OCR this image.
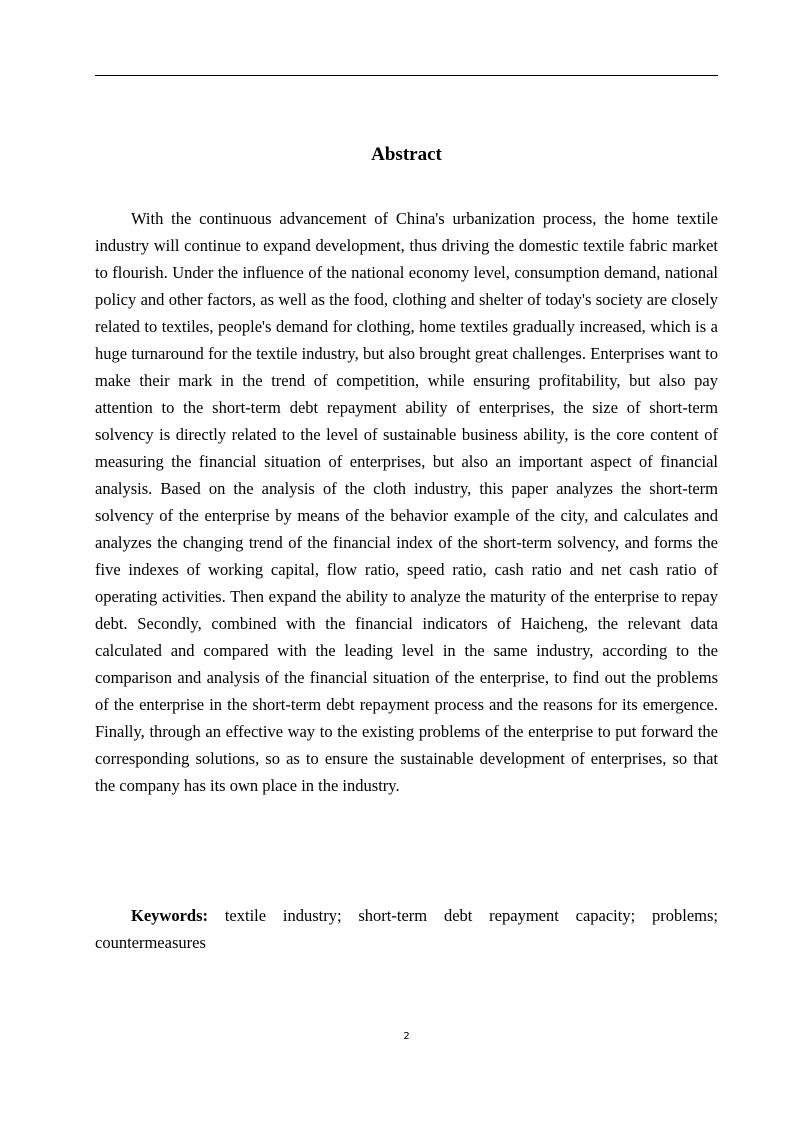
Abstract

With the continuous advancement of China's urbanization process, the home textile industry will continue to expand development, thus driving the domestic textile fabric market to flourish. Under the influence of the national economy level, consumption demand, national policy and other factors, as well as the food, clothing and shelter of today's society are closely related to textiles, people's demand for clothing, home textiles gradually increased, which is a huge turnaround for the textile industry, but also brought great challenges. Enterprises want to make their mark in the trend of competition, while ensuring profitability, but also pay attention to the short-term debt repayment ability of enterprises, the size of short-term solvency is directly related to the level of sustainable business ability, is the core content of measuring the financial situation of enterprises, but also an important aspect of financial analysis. Based on the analysis of the cloth industry, this paper analyzes the short-term solvency of the enterprise by means of the behavior example of the city, and calculates and analyzes the changing trend of the financial index of the short-term solvency, and forms the five indexes of working capital, flow ratio, speed ratio, cash ratio and net cash ratio of operating activities. Then expand the ability to analyze the maturity of the enterprise to repay debt. Secondly, combined with the financial indicators of Haicheng, the relevant data calculated and compared with the leading level in the same industry, according to the comparison and analysis of the financial situation of the enterprise, to find out the problems of the enterprise in the short-term debt repayment process and the reasons for its emergence. Finally, through an effective way to the existing problems of the enterprise to put forward the corresponding solutions, so as to ensure the sustainable development of enterprises, so that the company has its own place in the industry.

Keywords: textile industry; short-term debt repayment capacity; problems; countermeasures

2
